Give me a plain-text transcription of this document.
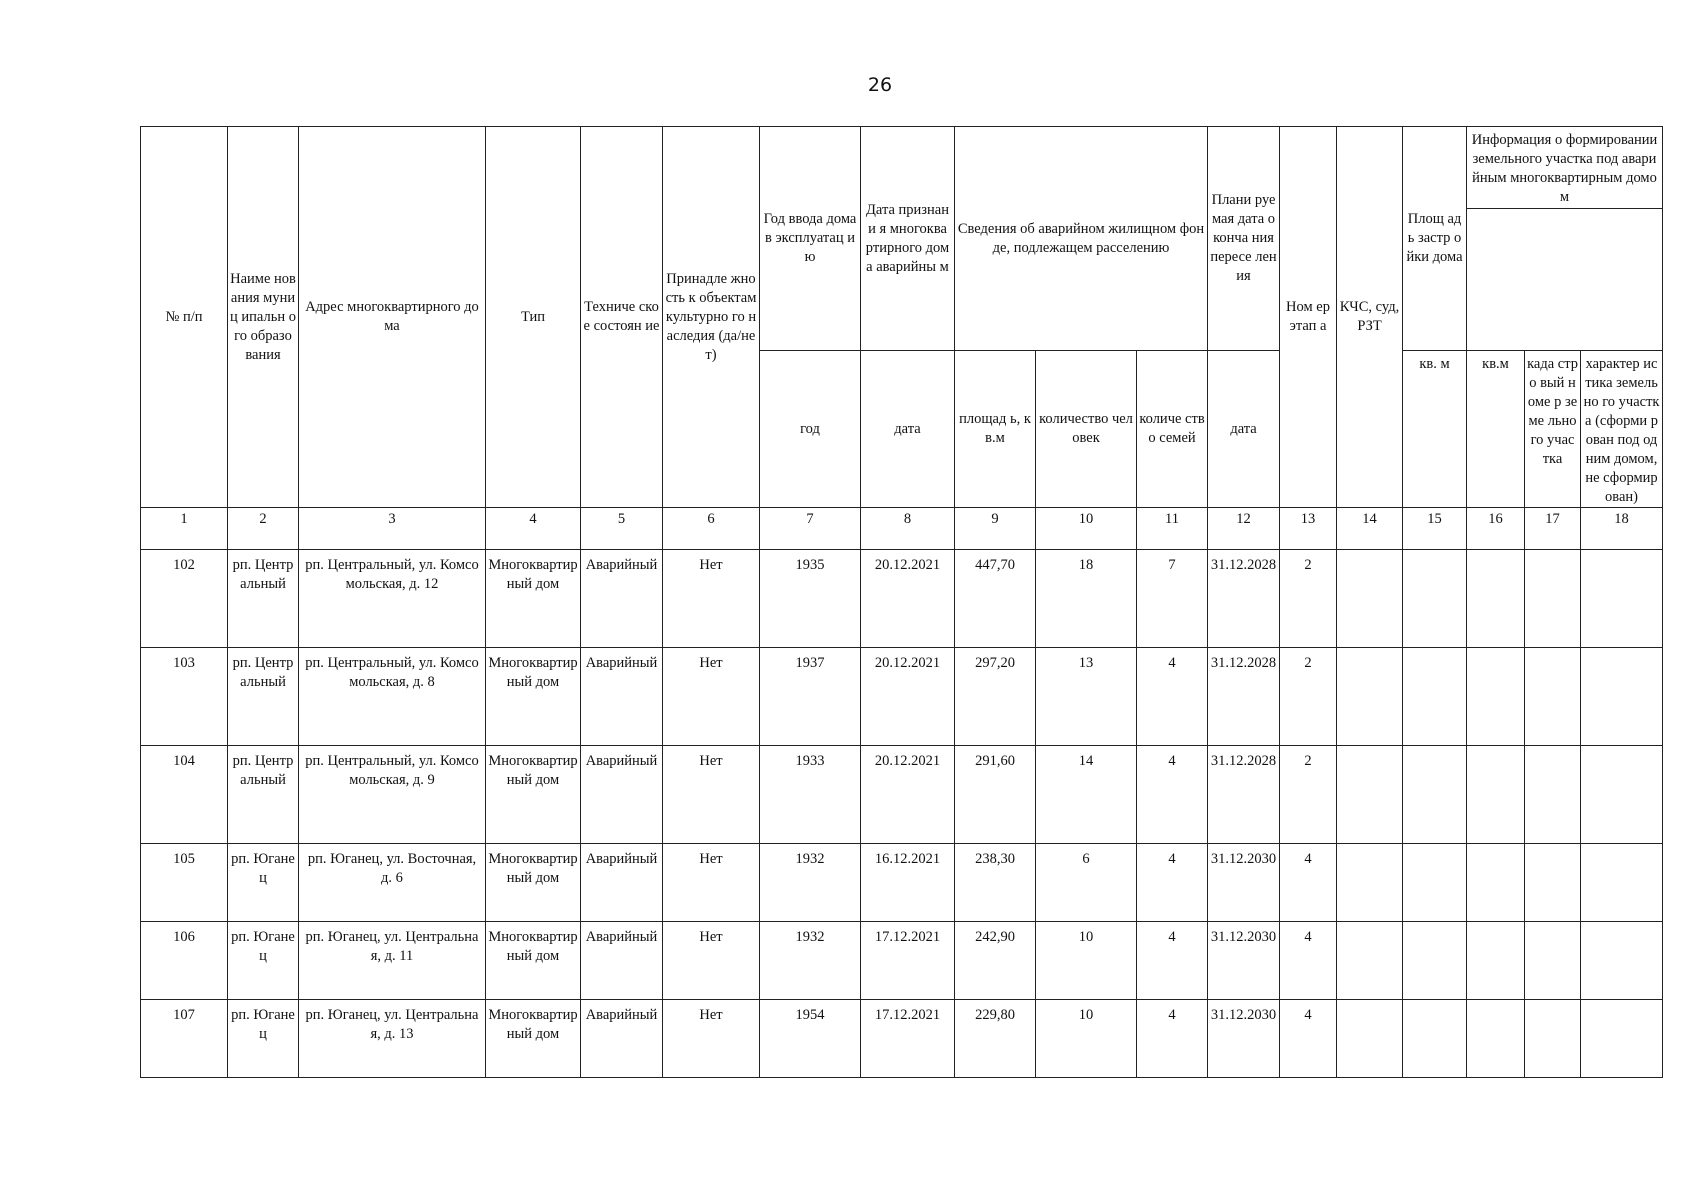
26
№ п/п	Наиме нования муниц ипальн ого образо вания	Адрес многоквартирного дома	Тип	Техниче ское состоян ие	Принадле жность к объектам культурно го наследия (да/нет)	Год ввода дома в эксплуатац ию	Дата признани я многоква ртирного дома аварийны м	Сведения об аварийном жилищном фонде, подлежащем расселению			Плани руемая дата оконча ния пересе ления	Ном ер этап а	КЧС, суд, РЗТ	Площ адь застр ойки дома	Информация о формировании земельного участка под аварийным многоквартирным домом		

						год	дата	площад ь, кв.м	количество человек	количе ство семей	дата			кв. м	кв.м	када стро вый номе р земе льно го учас тка	характер истика земельно го участка (сформи рован под одним домом, не сформир ован)
1	2	3	4	5	6	7	8	9	10	11	12	13	14	15	16	17	18
102	рп. Центральный	рп. Центральный, ул. Комсомольская, д. 12	Многоквартирный дом	Аварийный	Нет	1935	20.12.2021	447,70	18	7	31.12.2028	2					
103	рп. Центральный	рп. Центральный, ул. Комсомольская, д. 8	Многоквартирный дом	Аварийный	Нет	1937	20.12.2021	297,20	13	4	31.12.2028	2					
104	рп. Центральный	рп. Центральный, ул. Комсомольская, д. 9	Многоквартирный дом	Аварийный	Нет	1933	20.12.2021	291,60	14	4	31.12.2028	2					
105	рп. Юганец	рп. Юганец, ул. Восточная, д. 6	Многоквартирный дом	Аварийный	Нет	1932	16.12.2021	238,30	6	4	31.12.2030	4					
106	рп. Юганец	рп. Юганец, ул. Центральная, д. 11	Многоквартирный дом	Аварийный	Нет	1932	17.12.2021	242,90	10	4	31.12.2030	4					
107	рп. Юганец	рп. Юганец, ул. Центральная, д. 13	Многоквартирный дом	Аварийный	Нет	1954	17.12.2021	229,80	10	4	31.12.2030	4					
